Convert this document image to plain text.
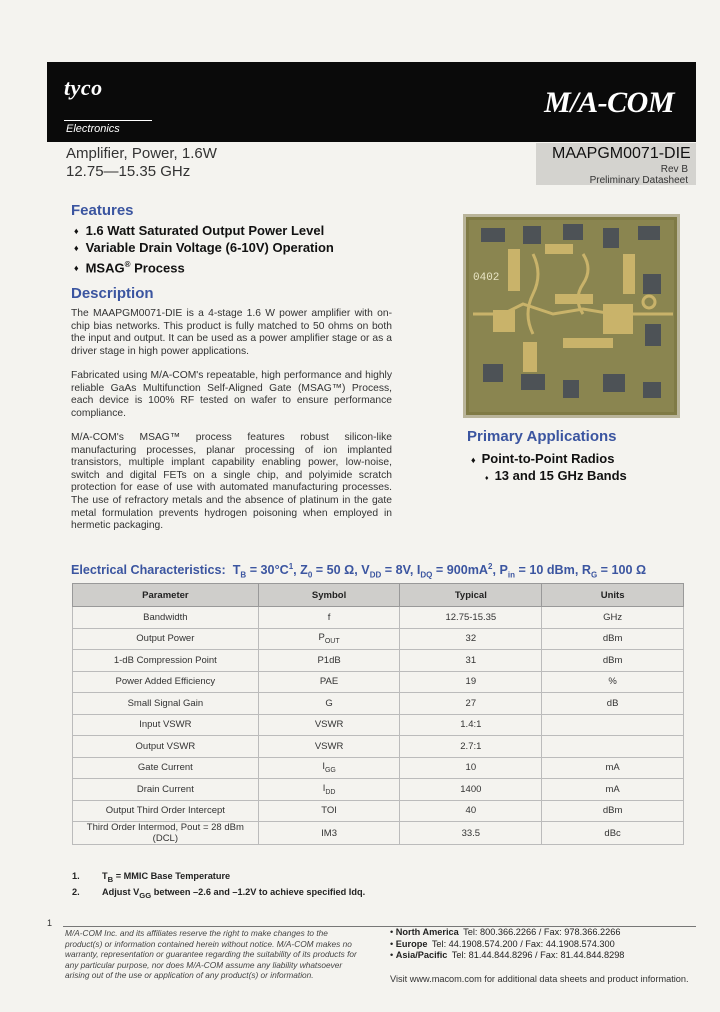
tyco
Electronics
M/A-COM
Amplifier, Power, 1.6W
12.75—15.35 GHz
MAAPGM0071-DIE
Rev B
Preliminary Datasheet
Features
♦ 1.6 Watt Saturated Output Power Level
♦ Variable Drain Voltage (6-10V) Operation
♦ MSAG® Process
Description
The MAAPGM0071-DIE is a 4-stage 1.6 W power amplifier with on-chip bias networks. This product is fully matched to 50 ohms on both the input and output. It can be used as a power amplifier stage or as a driver stage in high power applications.
Fabricated using M/A-COM's repeatable, high performance and highly reliable GaAs Multifunction Self-Aligned Gate (MSAG™) Process, each device is 100% RF tested on wafer to ensure performance compliance.
M/A-COM's MSAG™ process features robust silicon-like manufacturing processes, planar processing of ion implanted transistors, multiple implant capability enabling power, low-noise, switch and digital FETs on a single chip, and polyimide scratch protection for ease of use with automated manufacturing processes. The use of refractory metals and the absence of platinum in the gate metal formulation prevents hydrogen poisoning when employed in hermetic packaging.
0402
Primary Applications
♦ Point-to-Point Radios
♦ 13 and 15 GHz Bands
Electrical Characteristics: $T_B = 30^\circ C^1$, $Z_0 = 50$ Ω, $V_{DD} = 8V$, $I_{DQ} = 900mA^2$, $P_{in} = 10$ dBm, $R_G = 100$ Ω
Parameter	Symbol	Typical	Units
Bandwidth	f	12.75-15.35	GHz
Output Power	$P_{OUT}$	32	dBm
1-dB Compression Point	P1dB	31	dBm
Power Added Efficiency	PAE	19	%
Small Signal Gain	G	27	dB
Input VSWR	VSWR	1.4:1	
Output VSWR	VSWR	2.7:1	
Gate Current	$I_{GG}$	10	mA
Drain Current	$I_{DD}$	1400	mA
Output Third Order Intercept	TOI	40	dBm
Third Order Intermod, Pout = 28 dBm (DCL)	IM3	33.5	dBc
1. $T_B$ = MMIC Base Temperature
2. Adjust $V_{GG}$ between –2.6 and –1.2V to achieve specified Idq.
1
M/A-COM Inc. and its affiliates reserve the right to make changes to the product(s) or information contained herein without notice. M/A-COM makes no warranty, representation or guarantee regarding the suitability of its products for any particular purpose, nor does M/A-COM assume any liability whatsoever arising out of the use or application of any product(s) or information.
• North America Tel: 800.366.2266 / Fax: 978.366.2266
• Europe Tel: 44.1908.574.200 / Fax: 44.1908.574.300
• Asia/Pacific Tel: 81.44.844.8296 / Fax: 81.44.844.8298
Visit www.macom.com for additional data sheets and product information.
